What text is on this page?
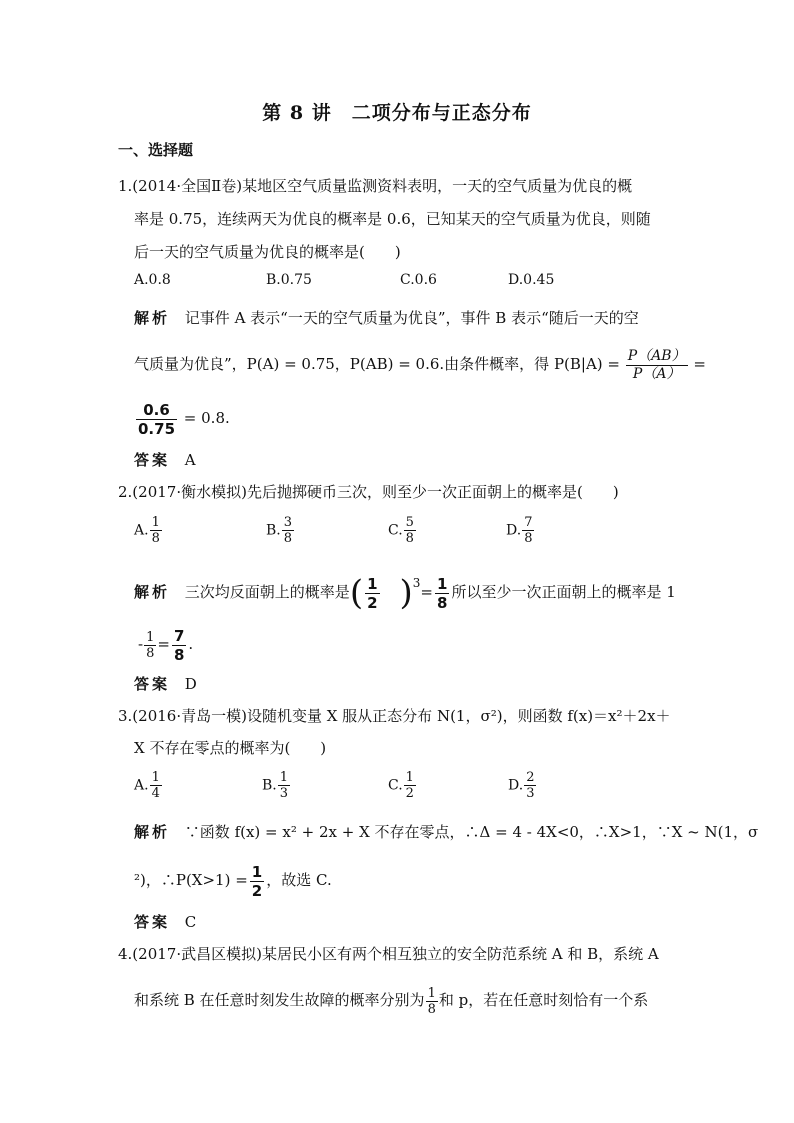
第 8 讲　二项分布与正态分布
一、选择题
1.(2014·全国Ⅱ卷)某地区空气质量监测资料表明，一天的空气质量为优良的概
率是 0.75，连续两天为优良的概率是 0.6，已知某天的空气质量为优良，则随
后一天的空气质量为优良的概率是(　　)
A.0.8	B.0.75	C.0.6	D.0.45
解析 记事件 A 表示“一天的空气质量为优良”，事件 B 表示“随后一天的空
气质量为优良”，P(A) = 0.75，P(AB) = 0.6.由条件概率，得 $P(B|A) = \frac{P(AB)}{P(A)}$ =
$\frac{0.6}{0.75} = 0.8$.
答案 A
2.(2017·衡水模拟)先后抛掷硬币三次，则至少一次正面朝上的概率是(　　)
A. $\frac{1}{8}$	B. $\frac{3}{8}$	C. $\frac{5}{8}$	D. $\frac{7}{8}$
解析 三次均反面朝上的概率是( $\frac{1}{2} )^3= \frac{1}{8}$ 所以至少一次正面朝上的概率是 1
- $\frac{1}{8} = \frac{7}{8}$ .
答案 D
3.(2016·青岛一模)设随机变量 X 服从正态分布 N(1，σ²)，则函数 f(x)＝x²＋2x＋
X 不存在零点的概率为(　　)
A. $\frac{1}{4}$	B. $\frac{1}{3}$	C. $\frac{1}{2}$	D. $\frac{2}{3}$
解析 ∵函数 f(x) = x² + 2x + X 不存在零点，∴Δ = 4 - 4X<0，∴X>1，∵X ~ N(1，σ
²)，∴P(X>1) = $\frac{1}{2}$ ，故选 C.
答案 C
4.(2017·武昌区模拟)某居民小区有两个相互独立的安全防范系统 A 和 B，系统 A
和系统 B 在任意时刻发生故障的概率分别为 $\frac{1}{8}$ 和 p，若在任意时刻恰有一个系
